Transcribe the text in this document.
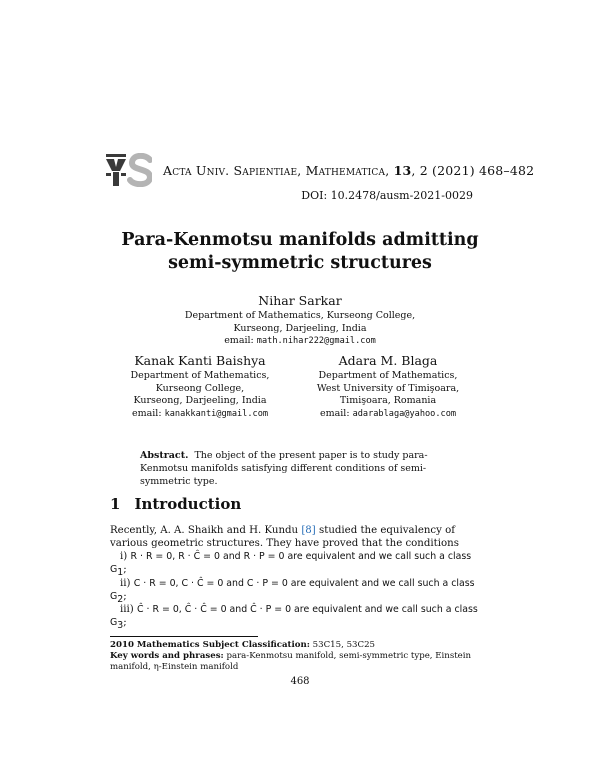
Acta Univ. Sapientiae, Mathematica, 13, 2 (2021) 468–482
DOI: 10.2478/ausm-2021-0029
Para-Kenmotsu manifolds admitting
semi-symmetric structures
Nihar Sarkar
Department of Mathematics, Kurseong College,
Kurseong, Darjeeling, India
email: math.nihar222@gmail.com
Kanak Kanti Baishya
Department of Mathematics,
Kurseong College,
Kurseong, Darjeeling, India
email: kanakkanti@gmail.com
Adara M. Blaga
Department of Mathematics,
West University of Timişoara,
Timişoara, Romania
email: adarablaga@yahoo.com
Abstract. The object of the present paper is to study para-Kenmotsu manifolds satisfying different conditions of semi-symmetric type.
1 Introduction
Recently, A. A. Shaikh and H. Kundu [8] studied the equivalency of various geometric structures. They have proved that the conditions
i) R · R = 0, R · Ĉ = 0 and R · P = 0 are equivalent and we call such a class $G_1$;
ii) C · R = 0, C · Ĉ = 0 and C · P = 0 are equivalent and we call such a class $G_2$;
iii) Ĉ · R = 0, Ĉ · Ĉ = 0 and Ĉ · P = 0 are equivalent and we call such a class $G_3$;
2010 Mathematics Subject Classification: 53C15, 53C25
Key words and phrases: para-Kenmotsu manifold, semi-symmetric type, Einstein manifold, η-Einstein manifold
468
